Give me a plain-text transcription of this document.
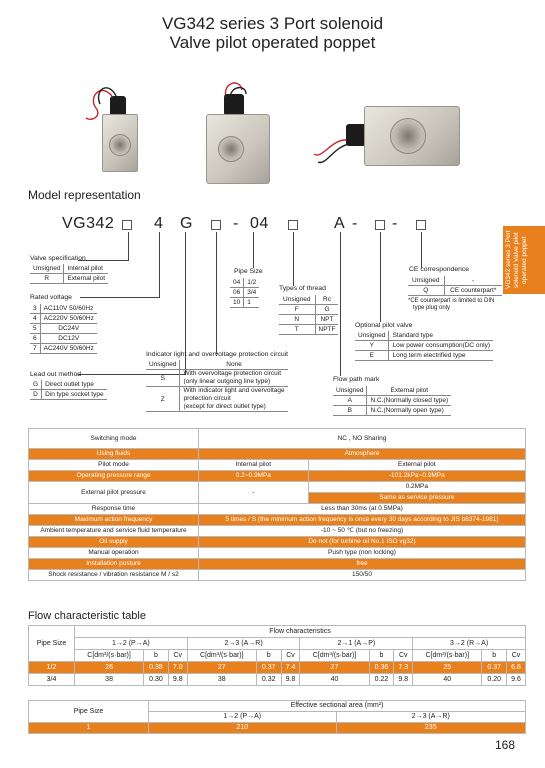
VG342 series 3 Port solenoid
Valve pilot operated poppet
VG342 series 3 Port solenoid Valve pilot operated poppet
Model representation
VG342 4 G	- 04	A - -
Valve specification
Unsigned	Internal pilot
R	External pilot
Rated voltage
3	AC110V 50/60Hz
4	AC220V 50/60Hz
5	DC24V
6	DC12V
7	AC240V 50/60Hz
Lead out method
G	Direct outlet type
D	Din type socket type
Pipe Size
04	1/2
06	3/4
10	1
Types of thread
Unsigned	Rc
F	G
N	NPT
T	NPTF
CE correspondence
Unsigned	-
Q	CE counterpart*
*CE counterpart is limited to DIN
type plug only
Optional pilot valve
Unsigned	Standard type
Y	Low power consumption(DC only)
E	Long term electrified type
Indicator light and overvoltage protection circuit
Unsigned	None
S	With overvoltage protection circuit
(only linear outgoing line type)

Z	With indicator light and overvoltage
protection circuit
(except for direct outlet type)
Flow path mark
Unsigned	External pilot
A	N.C.(Normally closed type)
B	N.C.(Normally open type)
Switching mode	NC , NO Sharing	
Using fluids	Atmosphere	
Pilot mode	Internal pilot	External pilot
Operating pressure range	0.2~0.9MPa	-101.2kPa~0.9MPa
External pilot pressure	-	0.2MPa
		Same as service pressure
Response time	Less than 30ms (at 0.5MPa)	
Maximum action frequency	5 times / S (the minimum action frequency is once every 30 days according to JIS b8374-1981)	
Ambient temperature and service fluid temperature	-10 ~ 50 ℃ (but no freezing)	
Oil supply	Do not (for turbine oil No.1 ISO vg32)	
Manual operation	Push type (non locking)	
Installation posture	free	
Shock resistance / vibration resistance M / s2	150/50	
Flow characteristic table
Pipe Size	Flow characteristics											
	1→2 (P→A)			2→3 (A→R)			2→1 (A→P)			3→2 (R→A)		
	C[dm³/(s·bar)]	b	Cv	C[dm³/(s·bar)]	b	Cv	C[dm³/(s·bar)]	b	Cv	C[dm³/(s·bar)]	b	Cv
1/2	26	0.38	7.0	27	0.37	7.4	27	0.36	7.3	25	0.37	6.8
3/4	38	0.30	9.8	38	0.32	9.8	40	0.22	9.8	40	0.20	9.6
Pipe Size	Effective sectional area (mm²)	
	1→2 (P→A)	2→3 (A→R)
1	210	235
168
